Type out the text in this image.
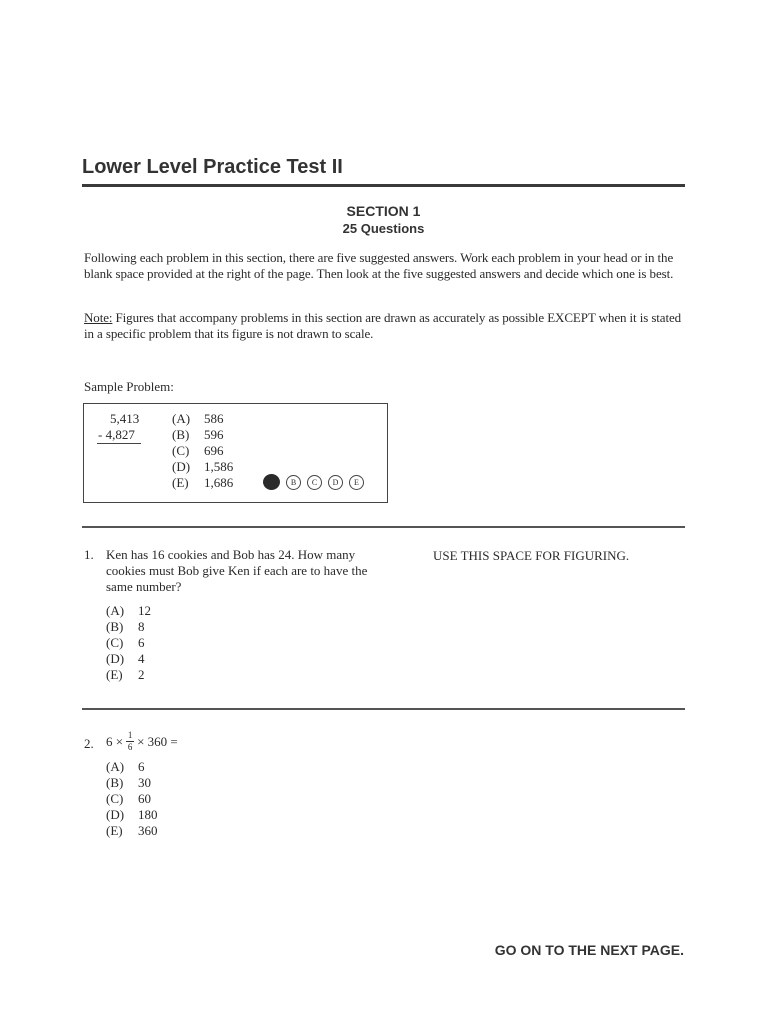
Lower Level Practice Test II
SECTION 1
25 Questions
Following each problem in this section, there are five suggested answers. Work each problem in your head or in the blank space provided at the right of the page. Then look at the five suggested answers and decide which one is best.
Note: Figures that accompany problems in this section are drawn as accurately as possible EXCEPT when it is stated in a specific problem that its figure is not drawn to scale.
Sample Problem:
5,413
- 4,827
(A)	586
(B)	596
(C)	696
(D)	1,586
(E)	1,686	B	C	D	E
1. Ken has 16 cookies and Bob has 24. How many cookies must Bob give Ken if each are to have the same number?
USE THIS SPACE FOR FIGURING.
(A)	12
(B)	8
(C)	6
(D)	4
(E)	2
2. $6 \times \frac{1}{6} \times 360$ =
(A)	6
(B)	30
(C)	60
(D)	180
(E)	360
GO ON TO THE NEXT PAGE.
